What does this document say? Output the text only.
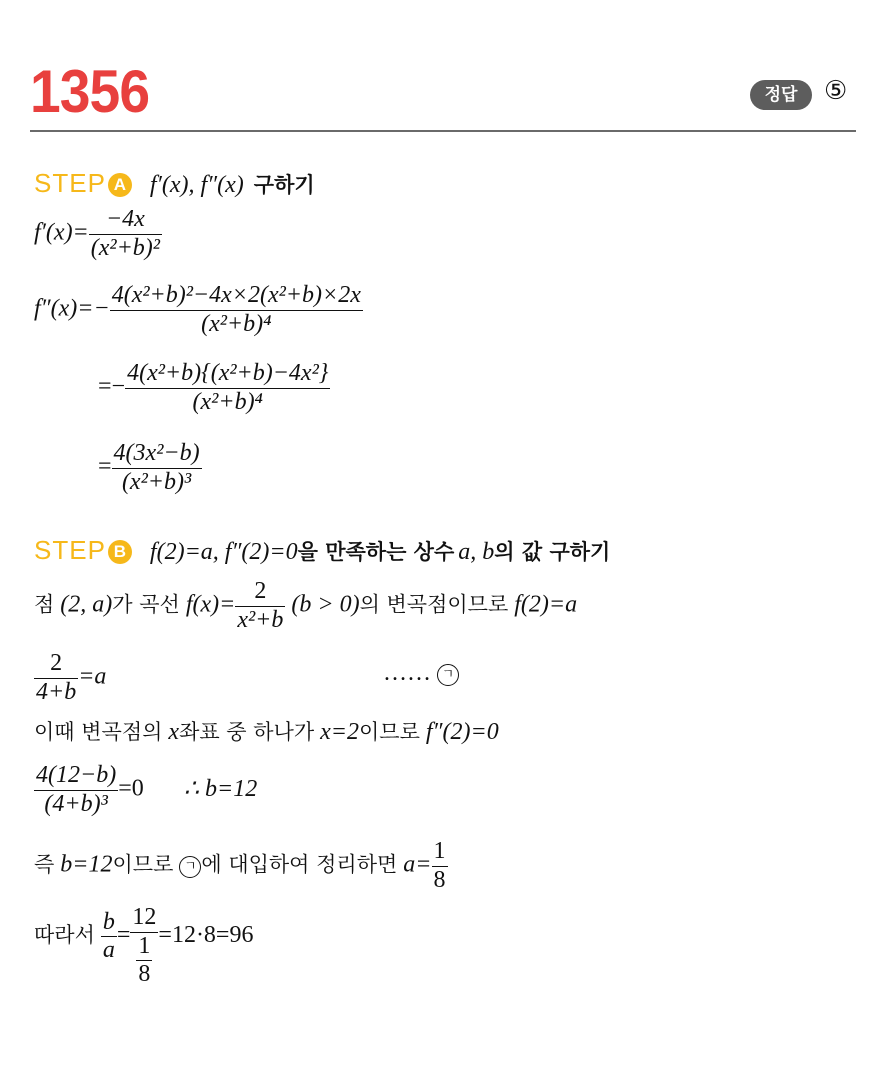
1356	정답	⑤
STEP A f′(x), f″(x) 구하기
$f'(x)= \frac{-4x}{\text{(x²+b)²}}$
$f''(x)=- \frac{\text{4(x²+b)²−4x×2(x²+b)×2x}}{\text{(x²+b)⁴}}$
=− $\frac{\text{4(x²+b)\{(x²+b)−4x²\}}}{\text{(x²+b)⁴}}$
= $\frac{\text{4(3x²−b)}}{\text{(x²+b)³}}$
STEP B f(2)=a, f″(2)=0을 만족하는 상수 a, b의 값 구하기
점 (2, a)가 곡선 $f(x)= \frac{2}{\text{x²+b}} (b > 0)$의 변곡점이므로 f(2)=a
$\frac{2}{4+b} =a$	…… ㄱ
이때 변곡점의 x좌표 중 하나가 x=2이므로 f″(2)=0
$\frac{4(12-b)}{\text{(4+b)³}} =0$ ∴ b=12
즉 b=12이므로 ㄱ 에 대입하여 정리하면 $a= \frac{1}{8}$
따라서 $\frac{b}{a} = \frac{12}{\frac{1}{8}} =12\cdot 8=96$
